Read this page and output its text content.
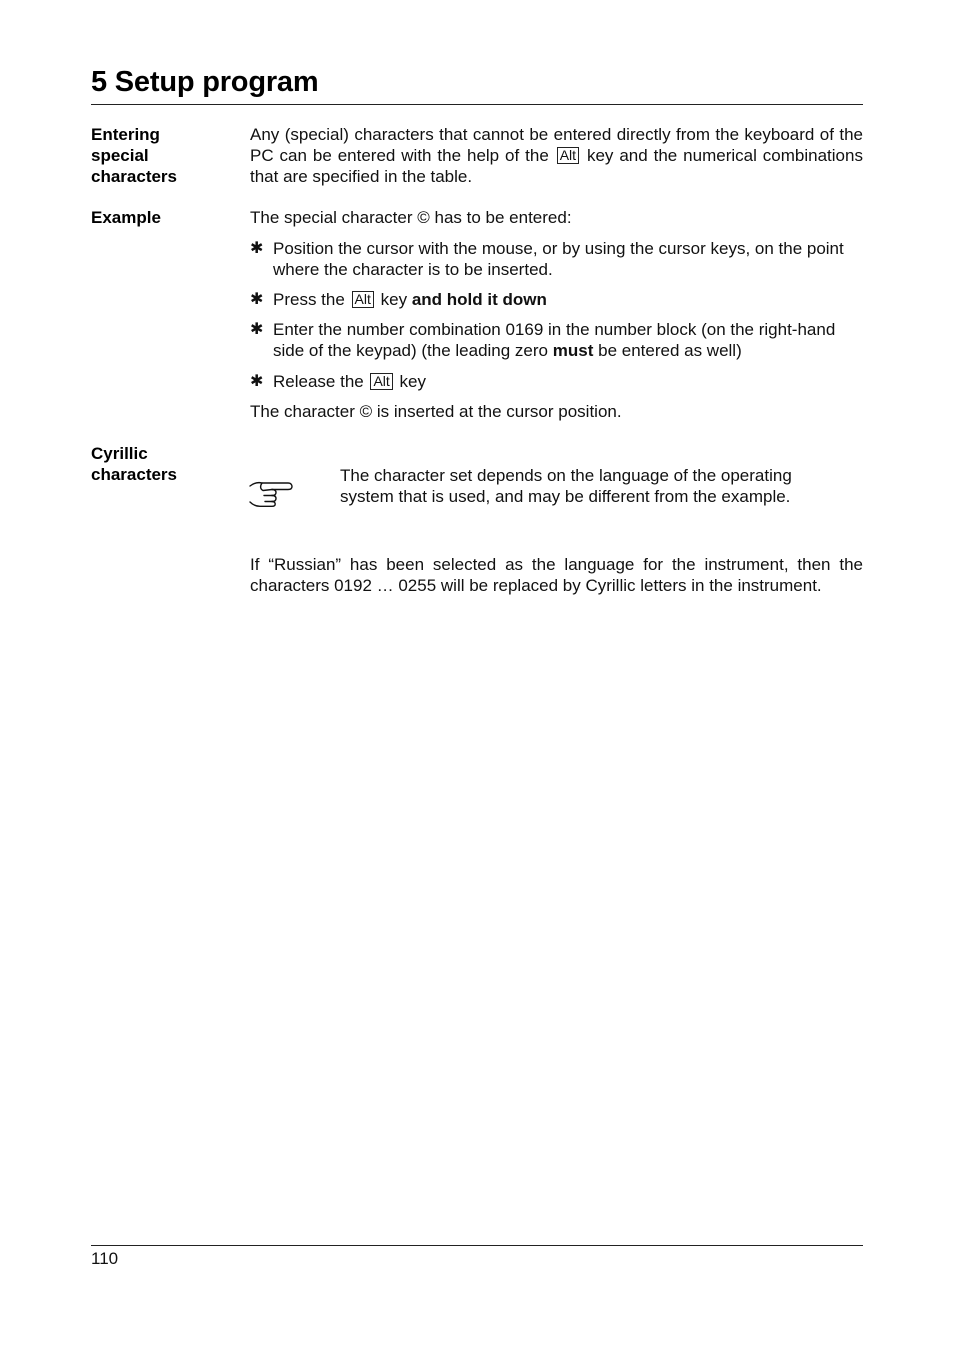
5 Setup program
Entering special characters
Any (special) characters that cannot be entered directly from the keyboard of the PC can be entered with the help of the Alt key and the numerical combinations that are specified in the table.
Example	The special character © has to be entered:
✱ Position the cursor with the mouse, or by using the cursor keys, on the point where the character is to be inserted.
✱ Press the Alt key and hold it down
✱ Enter the number combination 0169 in the number block (on the right-hand side of the keypad) (the leading zero must be entered as well)
✱ Release the Alt key
The character © is inserted at the cursor position.
Cyrillic characters	The character set depends on the language of the operating system that is used, and may be different from the example.
If “Russian” has been selected as the language for the instrument, then the characters 0192 … 0255 will be replaced by Cyrillic letters in the instrument.
110
